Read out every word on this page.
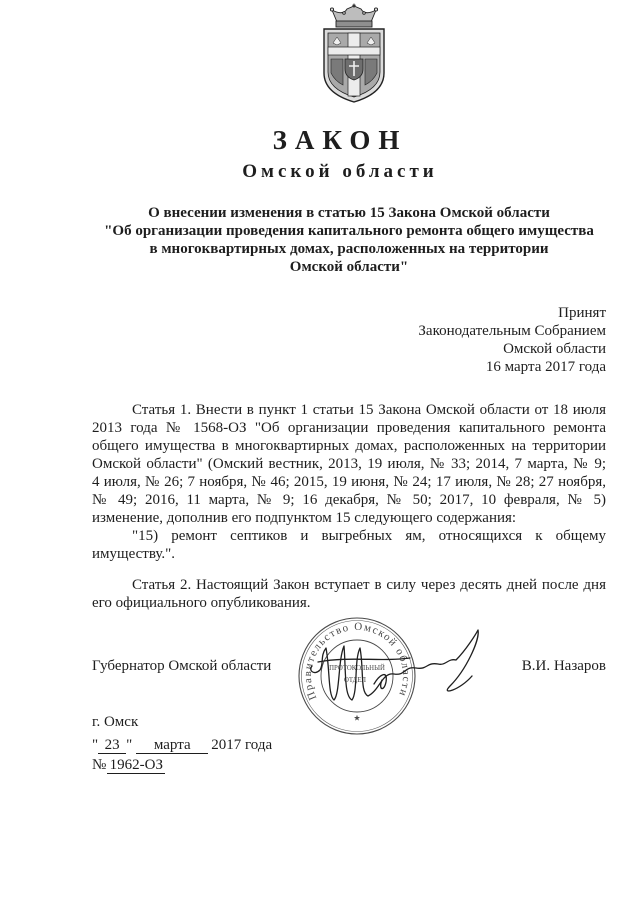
ЗАКОН
Омской области
О внесении изменения в статью 15 Закона Омской области
"Об организации проведения капитального ремонта общего имущества
в многоквартирных домах, расположенных на территории
Омской области"
Принят
Законодательным Собранием
Омской области
16 марта 2017 года
Статья 1. Внести в пункт 1 статьи 15 Закона Омской области от 18 июля
2013 года № 1568-ОЗ "Об организации проведения капитального ремонта
общего имущества в многоквартирных домах, расположенных на территории
Омской области" (Омский вестник, 2013, 19 июля, № 33; 2014, 7 марта, № 9;
4 июля, № 26; 7 ноября, № 46; 2015, 19 июня, № 24; 17 июля, № 28; 27 ноября,
№ 49; 2016, 11 марта, № 9; 16 декабря, № 50; 2017, 10 февраля, № 5)
изменение, дополнив его подпунктом 15 следующего содержания:
"15) ремонт септиков и выгребных ям, относящихся к общему
имуществу.".
Статья 2. Настоящий Закон вступает в силу через десять дней после дня
его официального опубликования.
Губернатор Омской области	В.И. Назаров
Правительство Омской области
ПРОТОКОЛЬНЫЙ
ОТДЕЛ
г. Омск
" 23 " марта 2017 года
№ 1962-ОЗ
